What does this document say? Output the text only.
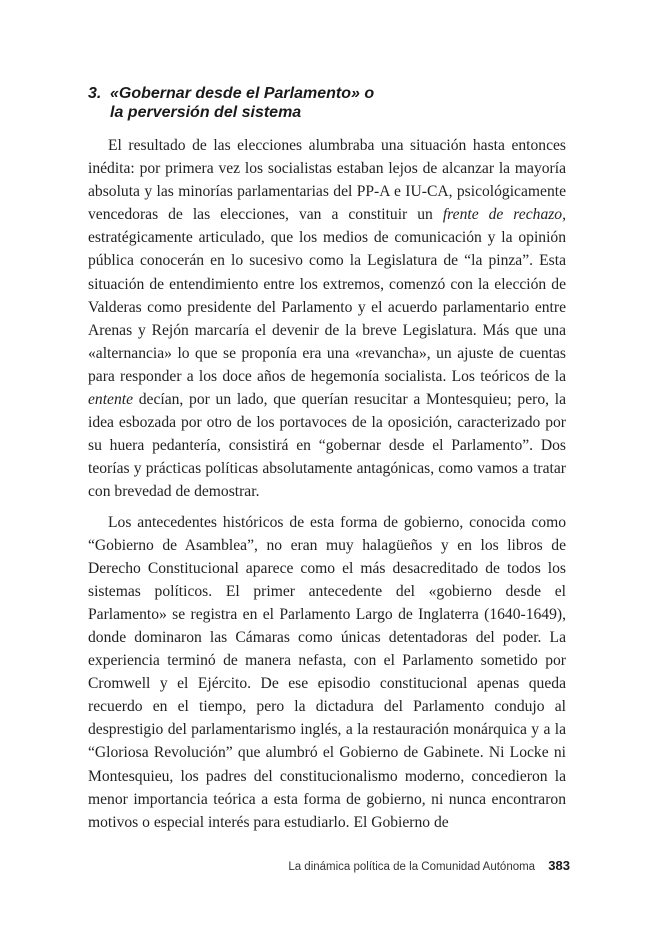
3. «Gobernar desde el Parlamento» o
la perversión del sistema

El resultado de las elecciones alumbraba una situación hasta entonces inédita: por primera vez los socialistas estaban lejos de alcanzar la mayoría absoluta y las minorías parlamentarias del PP-A e IU-CA, psicológicamente vencedoras de las elecciones, van a constituir un frente de rechazo, estratégicamente articulado, que los medios de comunicación y la opinión pública conocerán en lo sucesivo como la Legislatura de “la pinza”. Esta situación de entendimiento entre los extremos, comenzó con la elección de Valderas como presidente del Parlamento y el acuerdo parlamentario entre Arenas y Rejón marcaría el devenir de la breve Legislatura. Más que una «alternancia» lo que se proponía era una «revancha», un ajuste de cuentas para responder a los doce años de hegemonía socialista. Los teóricos de la entente decían, por un lado, que querían resucitar a Montesquieu; pero, la idea esbozada por otro de los portavoces de la oposición, caracterizado por su huera pedantería, consistirá en “gobernar desde el Parlamento”. Dos teorías y prácticas políticas absolutamente antagónicas, como vamos a tratar con brevedad de demostrar.

Los antecedentes históricos de esta forma de gobierno, conocida como “Gobierno de Asamblea”, no eran muy halagüeños y en los libros de Derecho Constitucional aparece como el más desacreditado de todos los sistemas políticos. El primer antecedente del «gobierno desde el Parlamento» se registra en el Parlamento Largo de Inglaterra (1640-1649), donde dominaron las Cámaras como únicas detentadoras del poder. La experiencia terminó de manera nefasta, con el Parlamento sometido por Cromwell y el Ejército. De ese episodio constitucional apenas queda recuerdo en el tiempo, pero la dictadura del Parlamento condujo al desprestigio del parlamentarismo inglés, a la restauración monárquica y a la “Gloriosa Revolución” que alumbró el Gobierno de Gabinete. Ni Locke ni Montesquieu, los padres del constitucionalismo moderno, concedieron la menor importancia teórica a esta forma de gobierno, ni nunca encontraron motivos o especial interés para estudiarlo. El Gobierno de

La dinámica política de la Comunidad Autónoma 383
